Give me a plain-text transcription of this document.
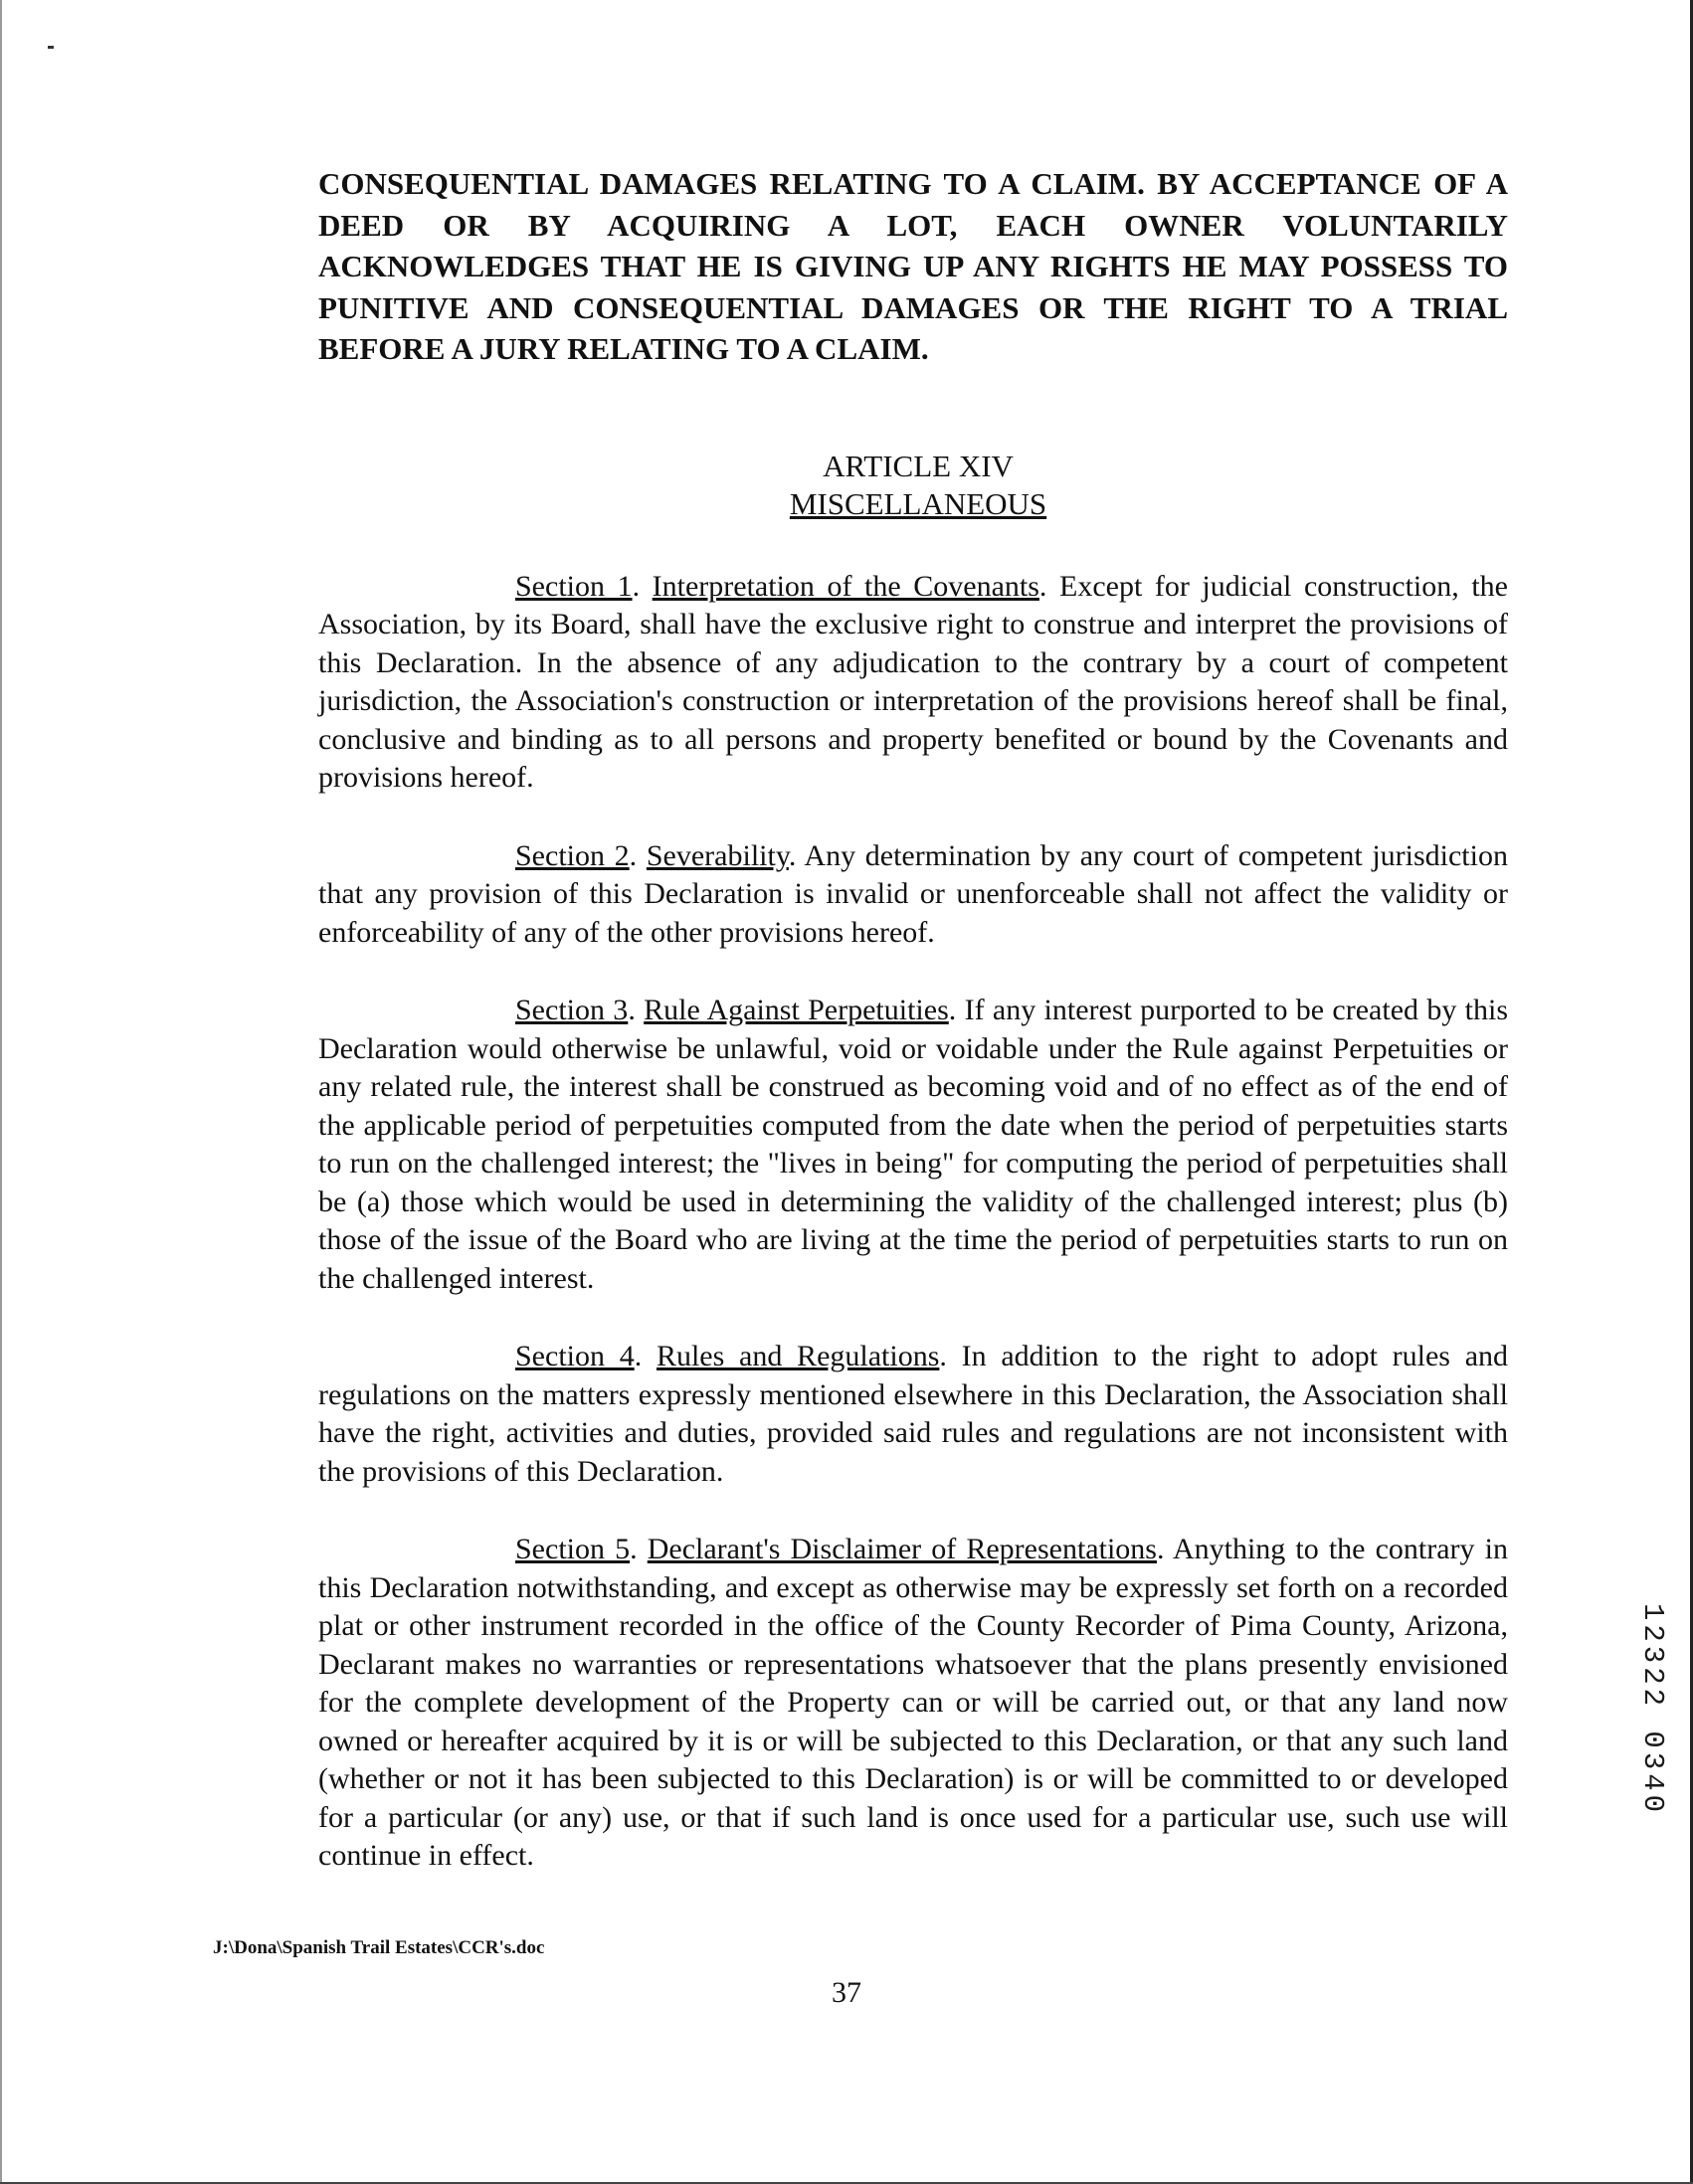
CONSEQUENTIAL DAMAGES RELATING TO A CLAIM. BY ACCEPTANCE OF A DEED OR BY ACQUIRING A LOT, EACH OWNER VOLUNTARILY ACKNOWLEDGES THAT HE IS GIVING UP ANY RIGHTS HE MAY POSSESS TO PUNITIVE AND CONSEQUENTIAL DAMAGES OR THE RIGHT TO A TRIAL BEFORE A JURY RELATING TO A CLAIM.

ARTICLE XIV
MISCELLANEOUS

Section 1. Interpretation of the Covenants. Except for judicial construction, the Association, by its Board, shall have the exclusive right to construe and interpret the provisions of this Declaration. In the absence of any adjudication to the contrary by a court of competent jurisdiction, the Association's construction or interpretation of the provisions hereof shall be final, conclusive and binding as to all persons and property benefited or bound by the Covenants and provisions hereof.

Section 2. Severability. Any determination by any court of competent jurisdiction that any provision of this Declaration is invalid or unenforceable shall not affect the validity or enforceability of any of the other provisions hereof.

Section 3. Rule Against Perpetuities. If any interest purported to be created by this Declaration would otherwise be unlawful, void or voidable under the Rule against Perpetuities or any related rule, the interest shall be construed as becoming void and of no effect as of the end of the applicable period of perpetuities computed from the date when the period of perpetuities starts to run on the challenged interest; the "lives in being" for computing the period of perpetuities shall be (a) those which would be used in determining the validity of the challenged interest; plus (b) those of the issue of the Board who are living at the time the period of perpetuities starts to run on the challenged interest.

Section 4. Rules and Regulations. In addition to the right to adopt rules and regulations on the matters expressly mentioned elsewhere in this Declaration, the Association shall have the right, activities and duties, provided said rules and regulations are not inconsistent with the provisions of this Declaration.

Section 5. Declarant's Disclaimer of Representations. Anything to the contrary in this Declaration notwithstanding, and except as otherwise may be expressly set forth on a recorded plat or other instrument recorded in the office of the County Recorder of Pima County, Arizona, Declarant makes no warranties or representations whatsoever that the plans presently envisioned for the complete development of the Property can or will be carried out, or that any land now owned or hereafter acquired by it is or will be subjected to this Declaration, or that any such land (whether or not it has been subjected to this Declaration) is or will be committed to or developed for a particular (or any) use, or that if such land is once used for a particular use, such use will continue in effect.

12322 0340
J:\Dona\Spanish Trail Estates\CCR's.doc
37
